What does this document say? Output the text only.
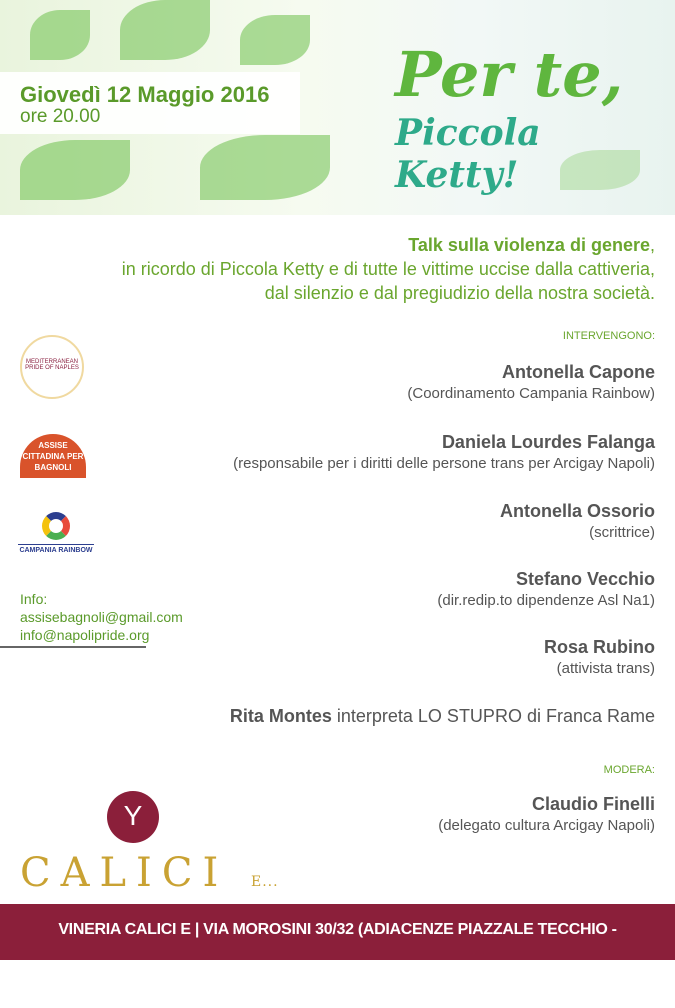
Giovedì 12 Maggio 2016
ore 20.00
Per te,
Piccola Ketty!
Talk sulla violenza di genere,
in ricordo di Piccola Ketty e di tutte le vittime uccise dalla cattiveria,
dal silenzio e dal pregiudizio della nostra società.
INTERVENGONO:
Antonella Capone
(Coordinamento Campania Rainbow)
Daniela Lourdes Falanga
(responsabile per i diritti delle persone trans per Arcigay Napoli)
Antonella Ossorio
(scrittrice)
Stefano Vecchio
(dir.redip.to dipendenze Asl Na1)
Rosa Rubino
(attivista trans)
Rita Montes interpreta LO STUPRO di Franca Rame
MODERA:
Claudio Finelli
(delegato cultura Arcigay Napoli)
MEDITERRANEAN PRIDE OF NAPLES
ASSISE CITTADINA PER BAGNOLI
CAMPANIA RAINBOW
Info:
assisebagnoli@gmail.com
info@napolipride.org
Y
CALICI E...
VINERIA CALICI E | VIA MOROSINI 30/32 (ADIACENZE PIAZZALE TECCHIO - FUORIGROTTA) NAPOLI
